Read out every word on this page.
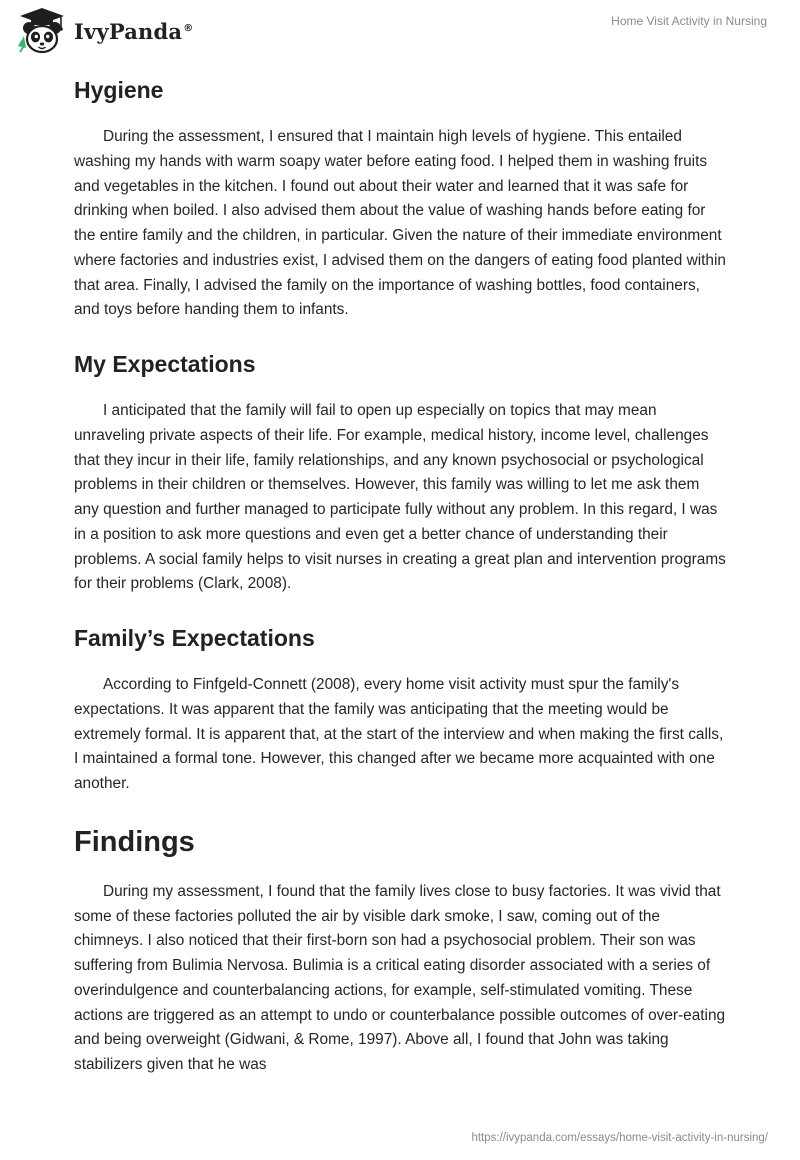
IvyPanda®	Home Visit Activity in Nursing
Hygiene

During the assessment, I ensured that I maintain high levels of hygiene. This entailed washing my hands with warm soapy water before eating food. I helped them in washing fruits and vegetables in the kitchen. I found out about their water and learned that it was safe for drinking when boiled. I also advised them about the value of washing hands before eating for the entire family and the children, in particular. Given the nature of their immediate environment where factories and industries exist, I advised them on the dangers of eating food planted within that area. Finally, I advised the family on the importance of washing bottles, food containers, and toys before handing them to infants.

My Expectations

I anticipated that the family will fail to open up especially on topics that may mean unraveling private aspects of their life. For example, medical history, income level, challenges that they incur in their life, family relationships, and any known psychosocial or psychological problems in their children or themselves. However, this family was willing to let me ask them any question and further managed to participate fully without any problem. In this regard, I was in a position to ask more questions and even get a better chance of understanding their problems. A social family helps to visit nurses in creating a great plan and intervention programs for their problems (Clark, 2008).

Family’s Expectations

According to Finfgeld-Connett (2008), every home visit activity must spur the family's expectations. It was apparent that the family was anticipating that the meeting would be extremely formal. It is apparent that, at the start of the interview and when making the first calls, I maintained a formal tone. However, this changed after we became more acquainted with one another.

Findings

During my assessment, I found that the family lives close to busy factories. It was vivid that some of these factories polluted the air by visible dark smoke, I saw, coming out of the chimneys. I also noticed that their first-born son had a psychosocial problem. Their son was suffering from Bulimia Nervosa. Bulimia is a critical eating disorder associated with a series of overindulgence and counterbalancing actions, for example, self-stimulated vomiting. These actions are triggered as an attempt to undo or counterbalance possible outcomes of over-eating and being overweight (Gidwani, & Rome, 1997). Above all, I found that John was taking stabilizers given that he was

https://ivypanda.com/essays/home-visit-activity-in-nursing/
